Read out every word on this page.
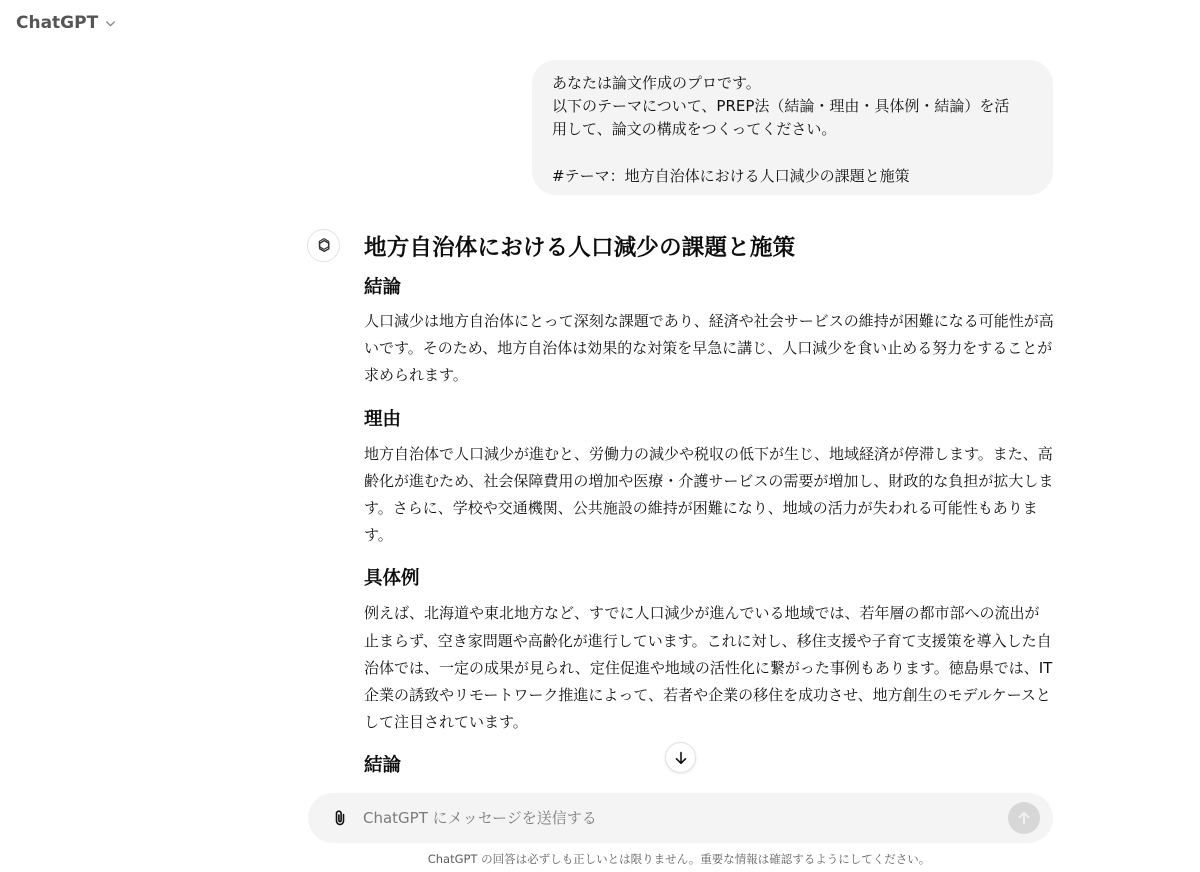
ChatGPT
あなたは論文作成のプロです。
以下のテーマについて、PREP法（結論・理由・具体例・結論）を活
用して、論文の構成をつくってください。

#テーマ：地方自治体における人口減少の課題と施策
地方自治体における人口減少の課題と施策
結論

人口減少は地方自治体にとって深刻な課題であり、経済や社会サービスの維持が困難になる可能性が高いです。そのため、地方自治体は効果的な対策を早急に講じ、人口減少を食い止める努力をすることが求められます。

理由

地方自治体で人口減少が進むと、労働力の減少や税収の低下が生じ、地域経済が停滞します。また、高齢化が進むため、社会保障費用の増加や医療・介護サービスの需要が増加し、財政的な負担が拡大します。さらに、学校や交通機関、公共施設の維持が困難になり、地域の活力が失われる可能性もあります。

具体例

例えば、北海道や東北地方など、すでに人口減少が進んでいる地域では、若年層の都市部への流出が止まらず、空き家問題や高齢化が進行しています。これに対し、移住支援や子育て支援策を導入した自治体では、一定の成果が見られ、定住促進や地域の活性化に繋がった事例もあります。徳島県では、IT企業の誘致やリモートワーク推進によって、若者や企業の移住を成功させ、地方創生のモデルケースとして注目されています。

結論
ChatGPT にメッセージを送信する
ChatGPT の回答は必ずしも正しいとは限りません。重要な情報は確認するようにしてください。
